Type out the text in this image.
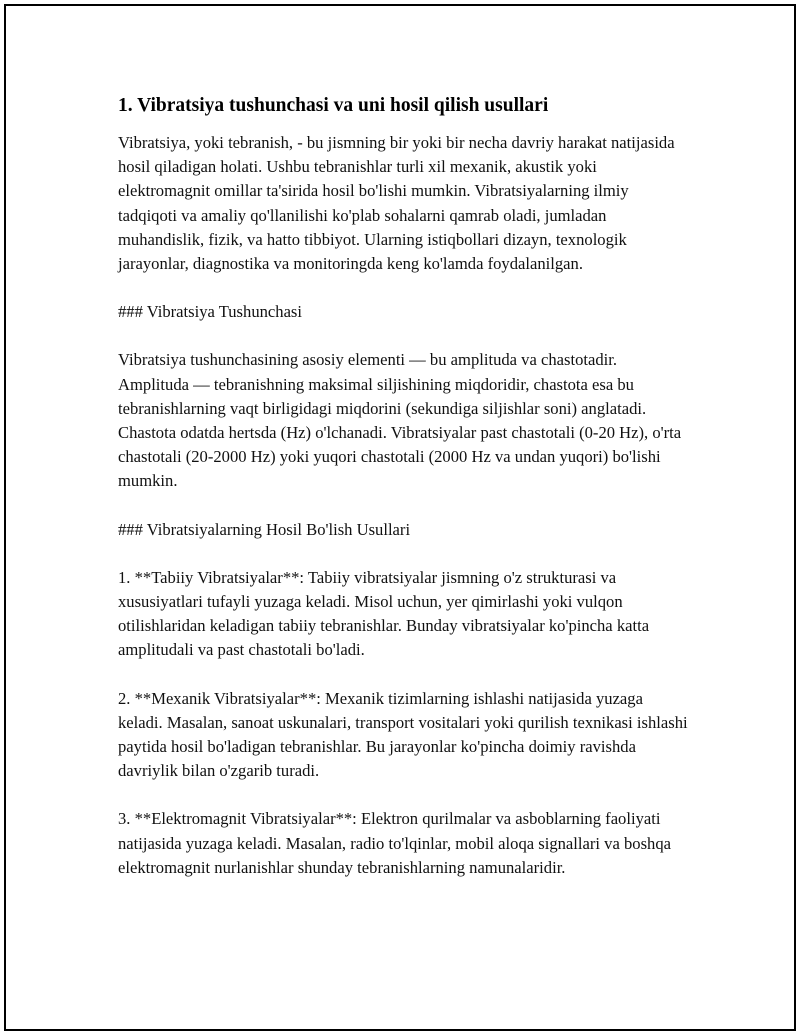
1. Vibratsiya tushunchasi va uni hosil qilish usullari

Vibratsiya, yoki tebranish, - bu jismning bir yoki bir necha davriy harakat natijasida hosil qiladigan holati. Ushbu tebranishlar turli xil mexanik, akustik yoki elektromagnit omillar ta'sirida hosil bo'lishi mumkin. Vibratsiyalarning ilmiy tadqiqoti va amaliy qo'llanilishi ko'plab sohalarni qamrab oladi, jumladan muhandislik, fizik, va hatto tibbiyot. Ularning istiqbollari dizayn, texnologik jarayonlar, diagnostika va monitoringda keng ko'lamda foydalanilgan.

### Vibratsiya Tushunchasi

Vibratsiya tushunchasining asosiy elementi — bu amplituda va chastotadir. Amplituda — tebranishning maksimal siljishining miqdoridir, chastota esa bu tebranishlarning vaqt birligidagi miqdorini (sekundiga siljishlar soni) anglatadi. Chastota odatda hertsda (Hz) o'lchanadi. Vibratsiyalar past chastotali (0-20 Hz), o'rta chastotali (20-2000 Hz) yoki yuqori chastotali (2000 Hz va undan yuqori) bo'lishi mumkin.

### Vibratsiyalarning Hosil Bo'lish Usullari

1. **Tabiiy Vibratsiyalar**: Tabiiy vibratsiyalar jismning o'z strukturasi va xususiyatlari tufayli yuzaga keladi. Misol uchun, yer qimirlashi yoki vulqon otilishlaridan keladigan tabiiy tebranishlar. Bunday vibratsiyalar ko'pincha katta amplitudali va past chastotali bo'ladi.

2. **Mexanik Vibratsiyalar**: Mexanik tizimlarning ishlashi natijasida yuzaga keladi. Masalan, sanoat uskunalari, transport vositalari yoki qurilish texnikasi ishlashi paytida hosil bo'ladigan tebranishlar. Bu jarayonlar ko'pincha doimiy ravishda davriylik bilan o'zgarib turadi.

3. **Elektromagnit Vibratsiyalar**: Elektron qurilmalar va asboblarning faoliyati natijasida yuzaga keladi. Masalan, radio to'lqinlar, mobil aloqa signallari va boshqa elektromagnit nurlanishlar shunday tebranishlarning namunalaridir.
